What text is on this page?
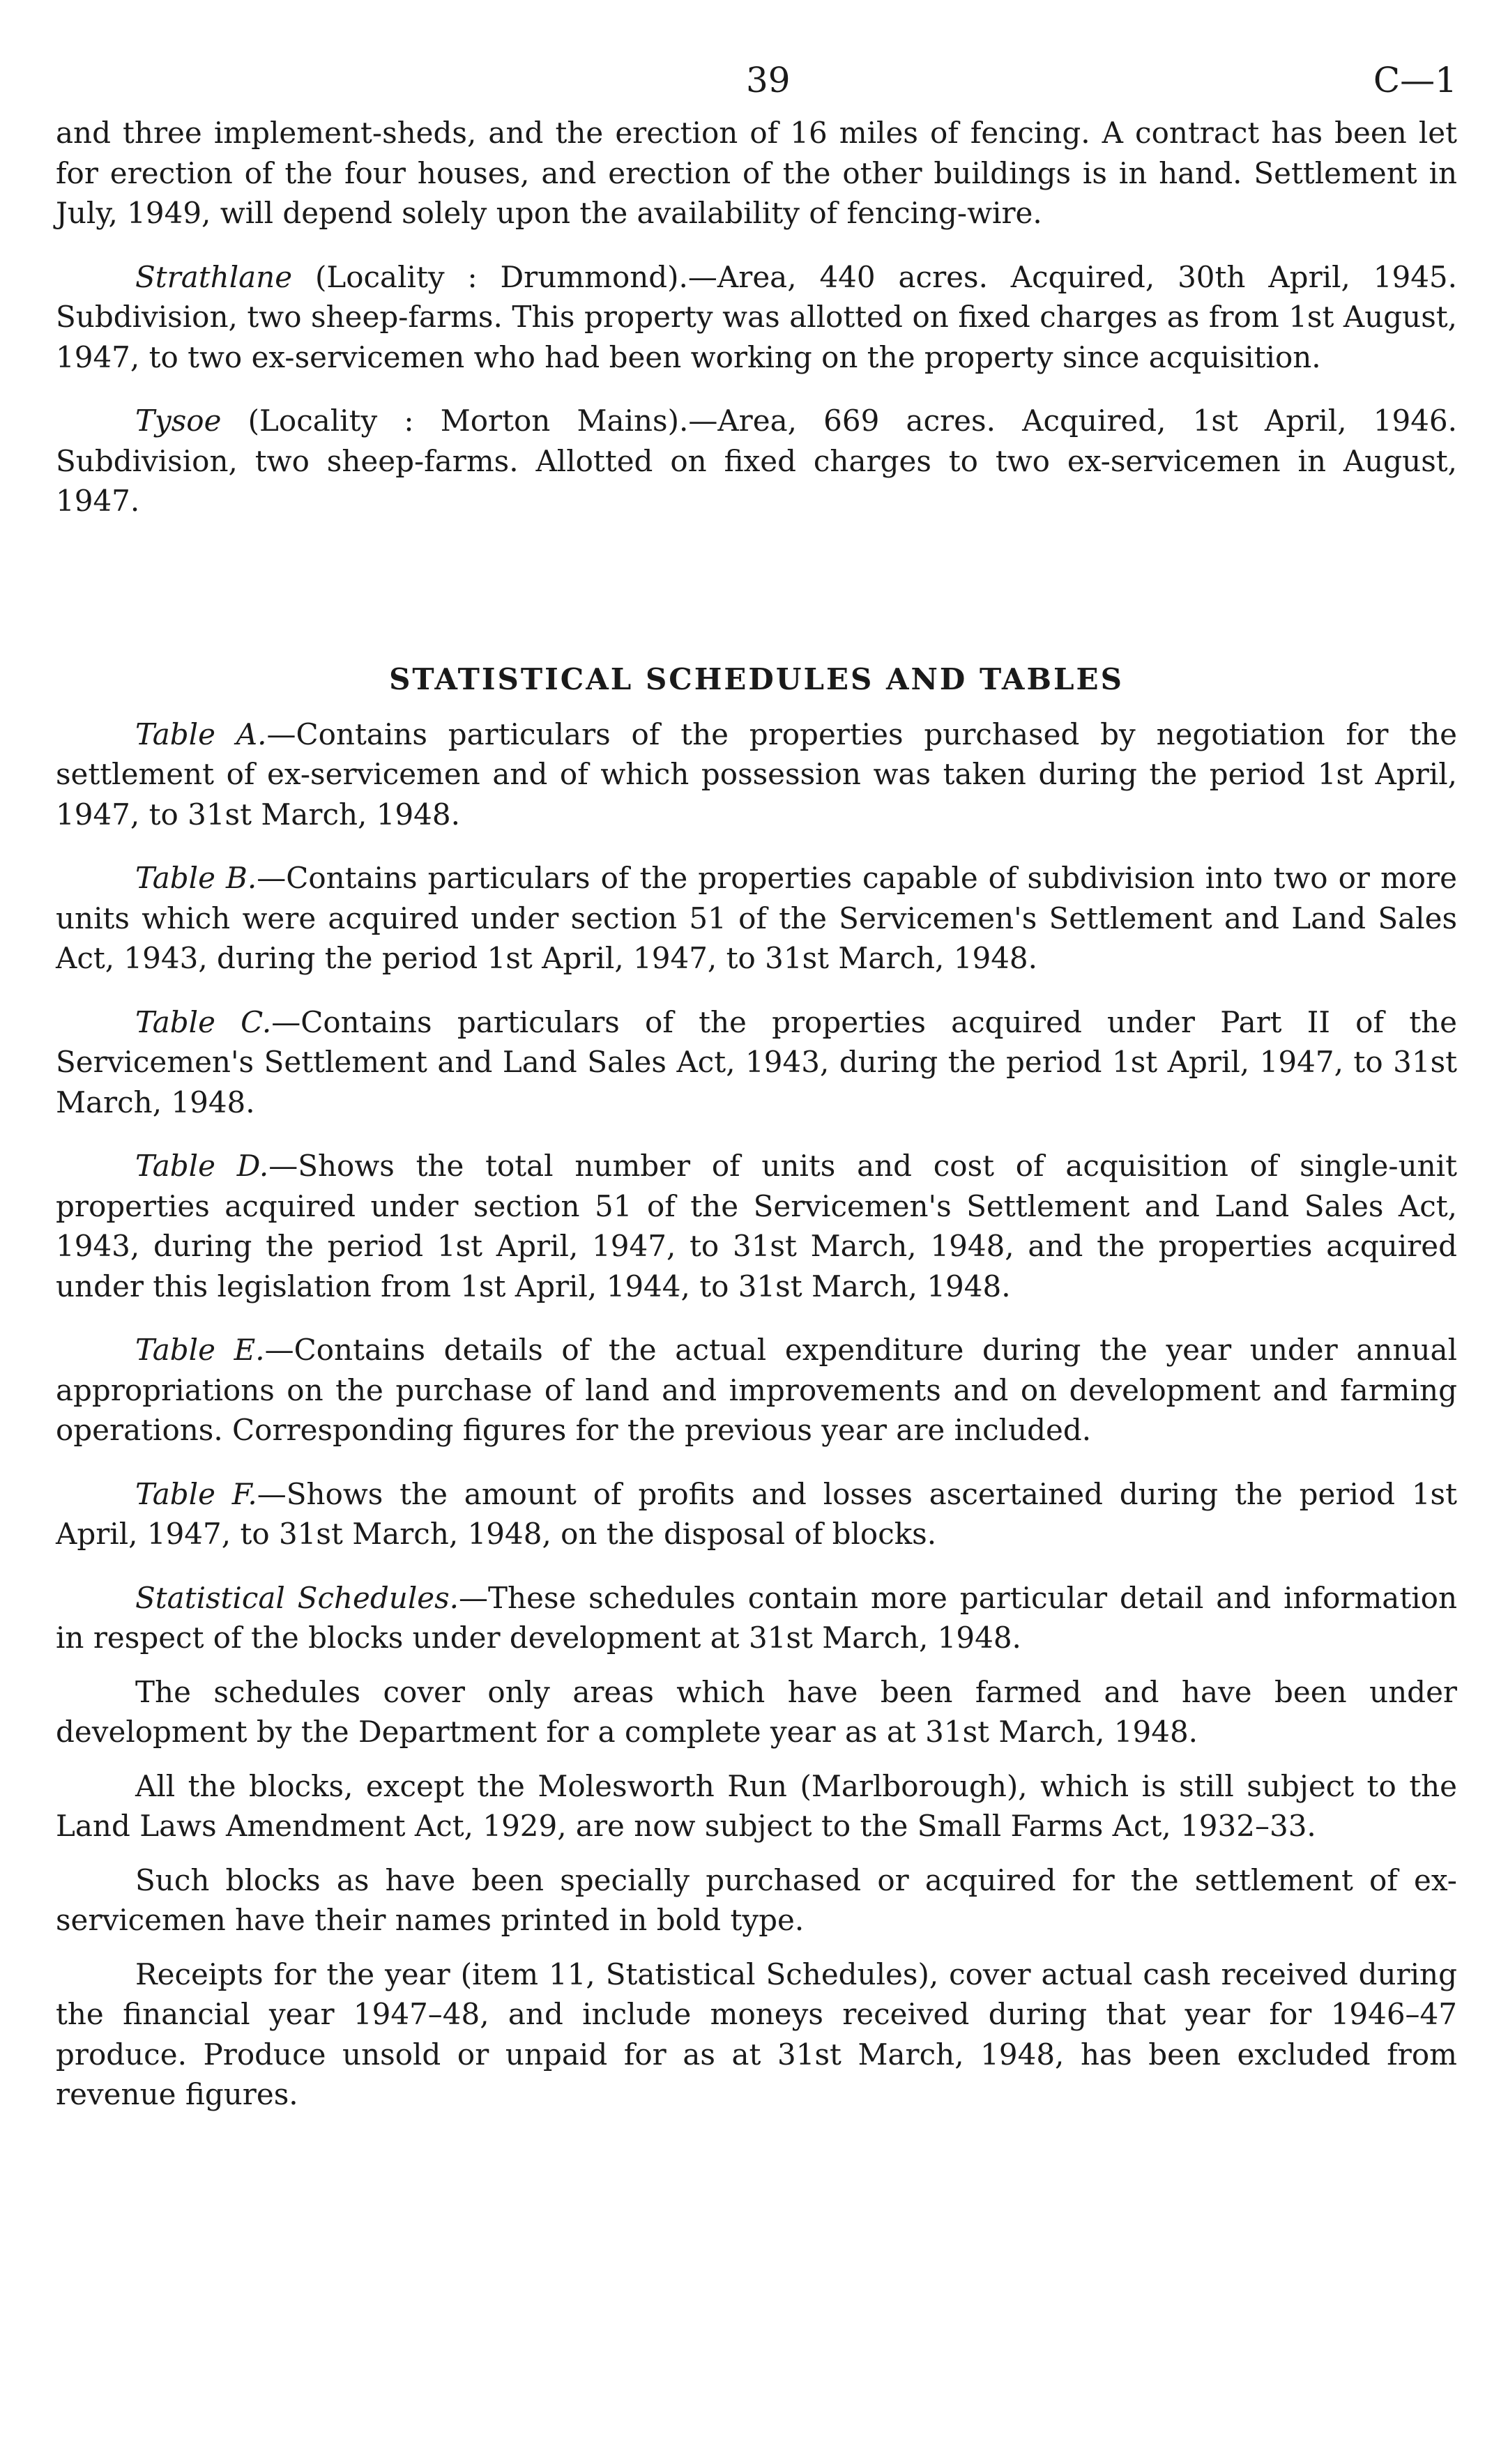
39	C—1

and three implement-sheds, and the erection of 16 miles of fencing. A contract has been let for erection of the four houses, and erection of the other buildings is in hand. Settlement in July, 1949, will depend solely upon the availability of fencing-wire.

Strathlane (Locality : Drummond).—Area, 440 acres. Acquired, 30th April, 1945. Subdivision, two sheep-farms. This property was allotted on fixed charges as from 1st August, 1947, to two ex-servicemen who had been working on the property since acquisition.

Tysoe (Locality : Morton Mains).—Area, 669 acres. Acquired, 1st April, 1946. Subdivision, two sheep-farms. Allotted on fixed charges to two ex-servicemen in August, 1947.

STATISTICAL SCHEDULES AND TABLES

Table A.—Contains particulars of the properties purchased by negotiation for the settlement of ex-servicemen and of which possession was taken during the period 1st April, 1947, to 31st March, 1948.

Table B.—Contains particulars of the properties capable of subdivision into two or more units which were acquired under section 51 of the Servicemen's Settlement and Land Sales Act, 1943, during the period 1st April, 1947, to 31st March, 1948.

Table C.—Contains particulars of the properties acquired under Part II of the Servicemen's Settlement and Land Sales Act, 1943, during the period 1st April, 1947, to 31st March, 1948.

Table D.—Shows the total number of units and cost of acquisition of single-unit properties acquired under section 51 of the Servicemen's Settlement and Land Sales Act, 1943, during the period 1st April, 1947, to 31st March, 1948, and the properties acquired under this legislation from 1st April, 1944, to 31st March, 1948.

Table E.—Contains details of the actual expenditure during the year under annual appropriations on the purchase of land and improvements and on development and farming operations. Corresponding figures for the previous year are included.

Table F.—Shows the amount of profits and losses ascertained during the period 1st April, 1947, to 31st March, 1948, on the disposal of blocks.

Statistical Schedules.—These schedules contain more particular detail and information in respect of the blocks under development at 31st March, 1948.

The schedules cover only areas which have been farmed and have been under development by the Department for a complete year as at 31st March, 1948.

All the blocks, except the Molesworth Run (Marlborough), which is still subject to the Land Laws Amendment Act, 1929, are now subject to the Small Farms Act, 1932–33.

Such blocks as have been specially purchased or acquired for the settlement of ex-servicemen have their names printed in bold type.

Receipts for the year (item 11, Statistical Schedules), cover actual cash received during the financial year 1947–48, and include moneys received during that year for 1946–47 produce. Produce unsold or unpaid for as at 31st March, 1948, has been excluded from revenue figures.
